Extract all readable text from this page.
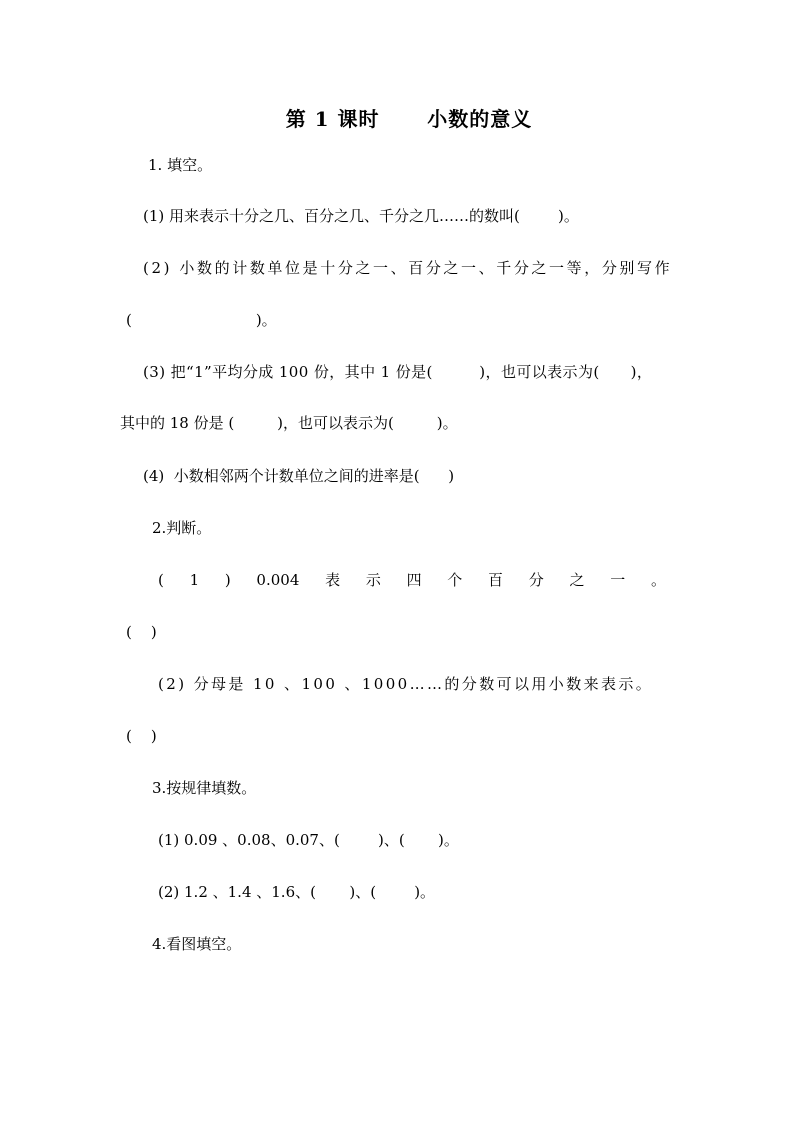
第 1 课时      小数的意义
1. 填空。
(1) 用来表示十分之几、百分之几、千分之几……的数叫(        )。
(2) 小数的计数单位是十分之一、百分之一、千分之一等，分别写作
(                          )。
(3) 把“1”平均分成 100 份，其中 1 份是(         )，也可以表示为(      )，
其中的 18 份是 (         )，也可以表示为(         )。
(4)  小数相邻两个计数单位之间的进率是(      )
2.判断。
( 1 ) 0.004 表 示 四 个 百 分 之 一 。
(    )
(2) 分母是 10 、100 、1000……的分数可以用小数来表示。
(    )
3.按规律填数。
(1) 0.09 、0.08、0.07、(        )、(       )。
(2) 1.2 、1.4 、1.6、(       )、(        )。
4.看图填空。
